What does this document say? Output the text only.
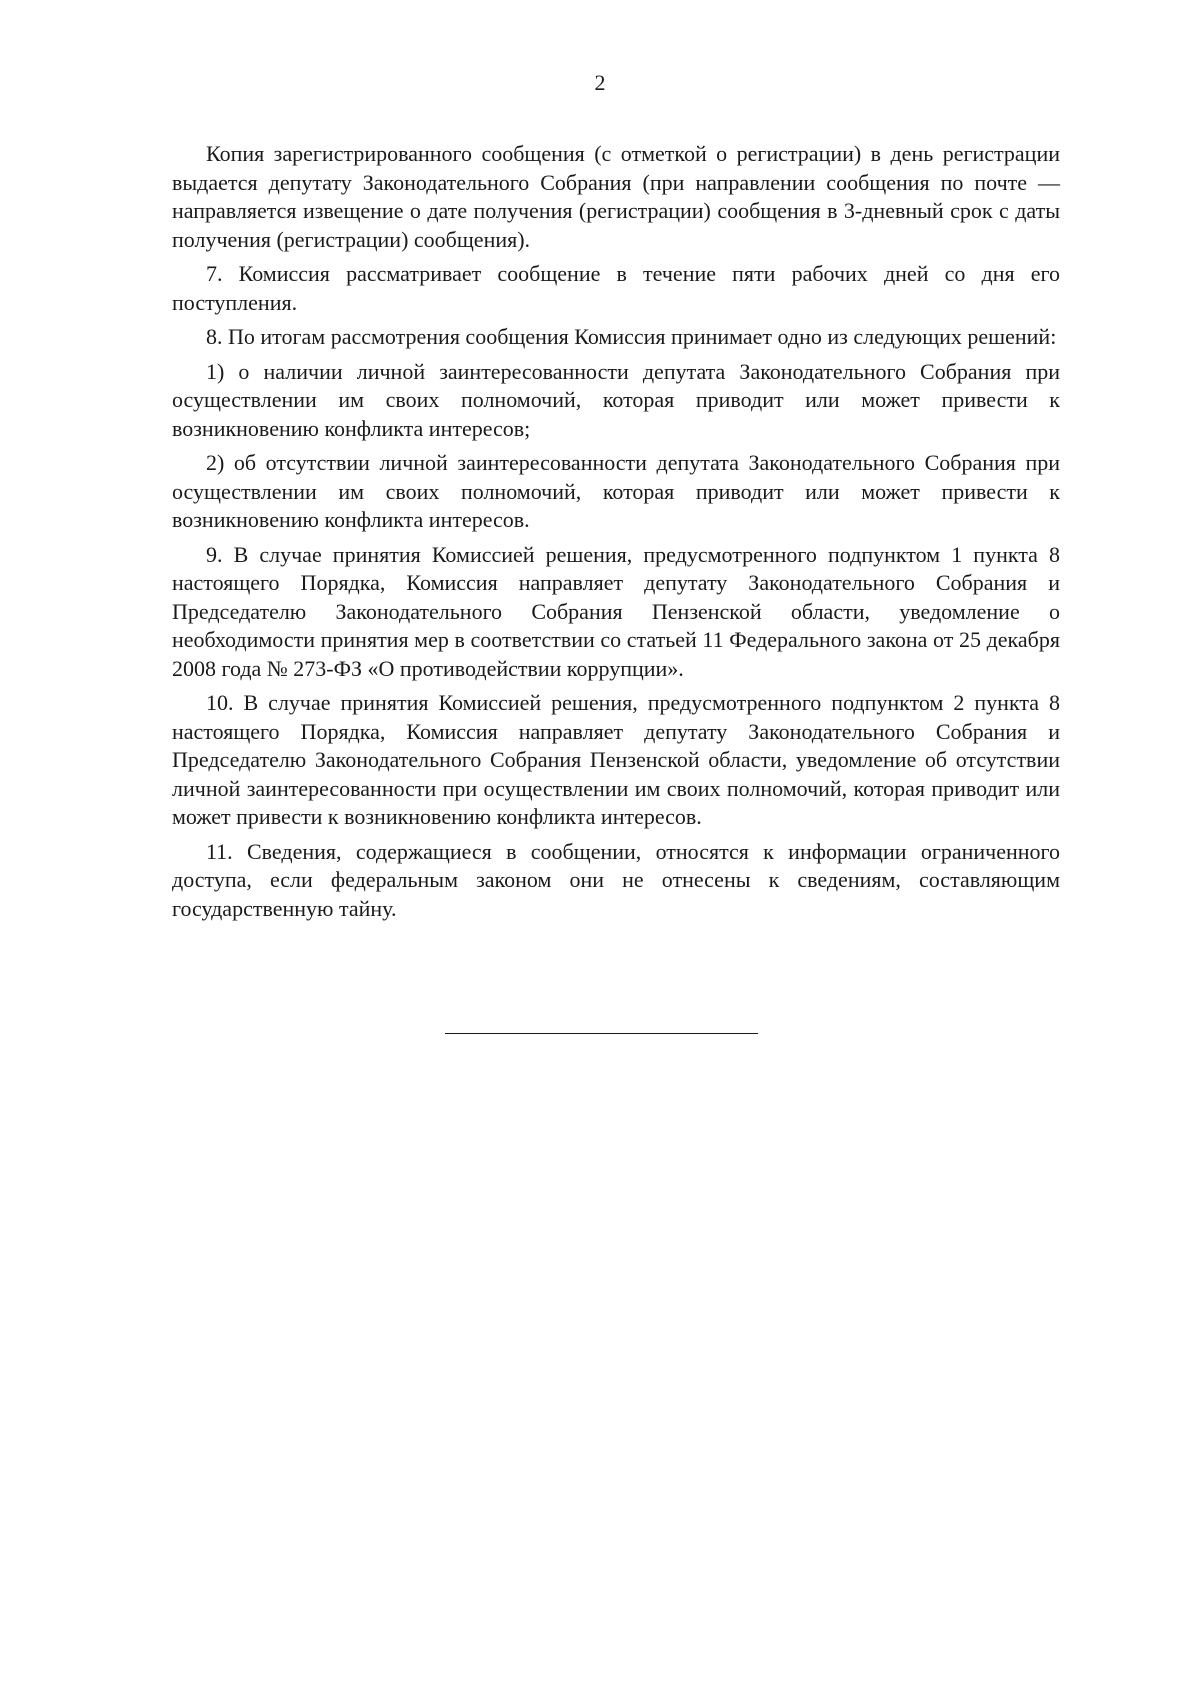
2

Копия зарегистрированного сообщения (с отметкой о регистрации) в день регистрации выдается депутату Законодательного Собрания (при направлении сообщения по почте — направляется извещение о дате получения (регистрации) сообщения в 3-дневный срок с даты получения (регистрации) сообщения).

7. Комиссия рассматривает сообщение в течение пяти рабочих дней со дня его поступления.

8. По итогам рассмотрения сообщения Комиссия принимает одно из следующих решений:

1) о наличии личной заинтересованности депутата Законодательного Собрания при осуществлении им своих полномочий, которая приводит или может привести к возникновению конфликта интересов;

2) об отсутствии личной заинтересованности депутата Законодательного Собрания при осуществлении им своих полномочий, которая приводит или может привести к возникновению конфликта интересов.

9. В случае принятия Комиссией решения, предусмотренного подпунктом 1 пункта 8 настоящего Порядка, Комиссия направляет депутату Законодательного Собрания и Председателю Законодательного Собрания Пензенской области, уведомление о необходимости принятия мер в соответствии со статьей 11 Федерального закона от 25 декабря 2008 года № 273-ФЗ «О противодействии коррупции».

10. В случае принятия Комиссией решения, предусмотренного подпунктом 2 пункта 8 настоящего Порядка, Комиссия направляет депутату Законодательного Собрания и Председателю Законодательного Собрания Пензенской области, уведомление об отсутствии личной заинтересованности при осуществлении им своих полномочий, которая приводит или может привести к возникновению конфликта интересов.

11. Сведения, содержащиеся в сообщении, относятся к информации ограниченного доступа, если федеральным законом они не отнесены к сведениям, составляющим государственную тайну.
